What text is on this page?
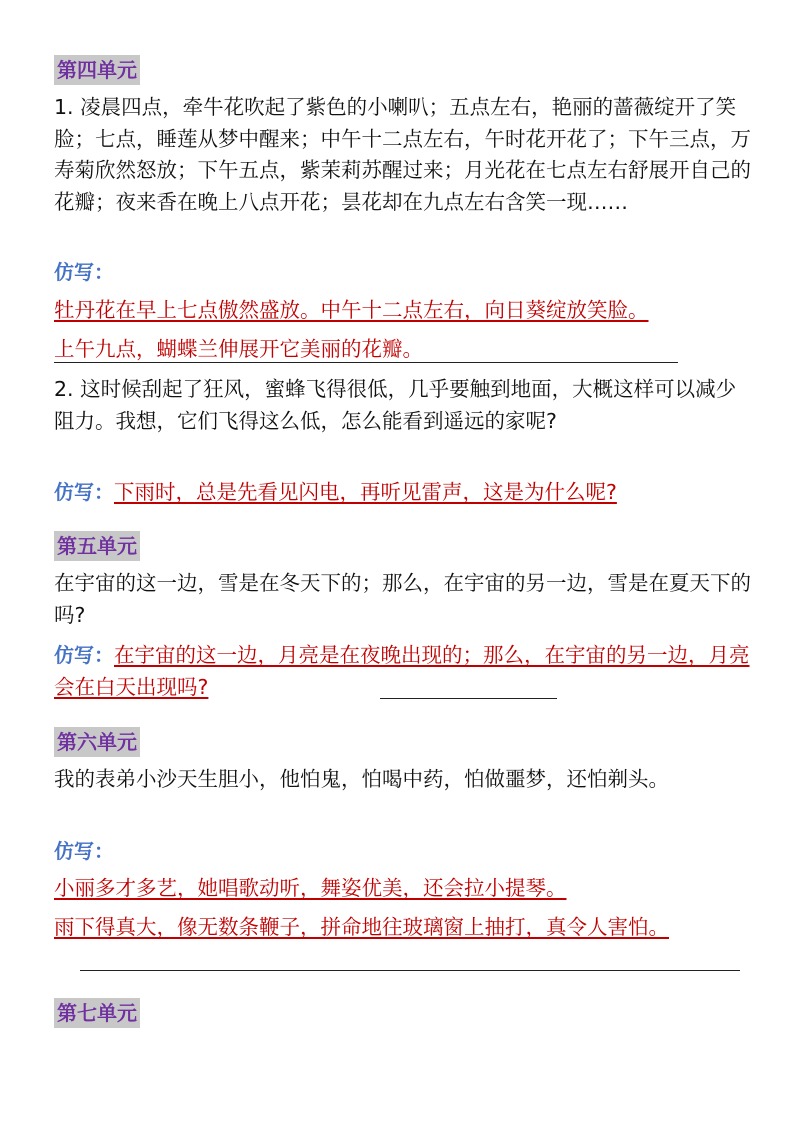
第四单元
1. 凌晨四点，牵牛花吹起了紫色的小喇叭；五点左右，艳丽的蔷薇绽开了笑脸；七点，睡莲从梦中醒来；中午十二点左右，午时花开花了；下午三点，万寿菊欣然怒放；下午五点，紫茉莉苏醒过来；月光花在七点左右舒展开自己的花瓣；夜来香在晚上八点开花；昙花却在九点左右含笑一现……
仿写：
牡丹花在早上七点傲然盛放。中午十二点左右，向日葵绽放笑脸。
上午九点，蝴蝶兰伸展开它美丽的花瓣。
2. 这时候刮起了狂风，蜜蜂飞得很低，几乎要触到地面，大概这样可以减少阻力。我想，它们飞得这么低，怎么能看到遥远的家呢?
仿写：下雨时，总是先看见闪电，再听见雷声，这是为什么呢?
第五单元
在宇宙的这一边，雪是在冬天下的；那么，在宇宙的另一边，雪是在夏天下的吗?
仿写：在宇宙的这一边，月亮是在夜晚出现的；那么，在宇宙的另一边，月亮会在白天出现吗?
第六单元
我的表弟小沙天生胆小，他怕鬼，怕喝中药，怕做噩梦，还怕剃头。
仿写：
小丽多才多艺，她唱歌动听，舞姿优美，还会拉小提琴。
雨下得真大，像无数条鞭子，拼命地往玻璃窗上抽打，真令人害怕。
第七单元
